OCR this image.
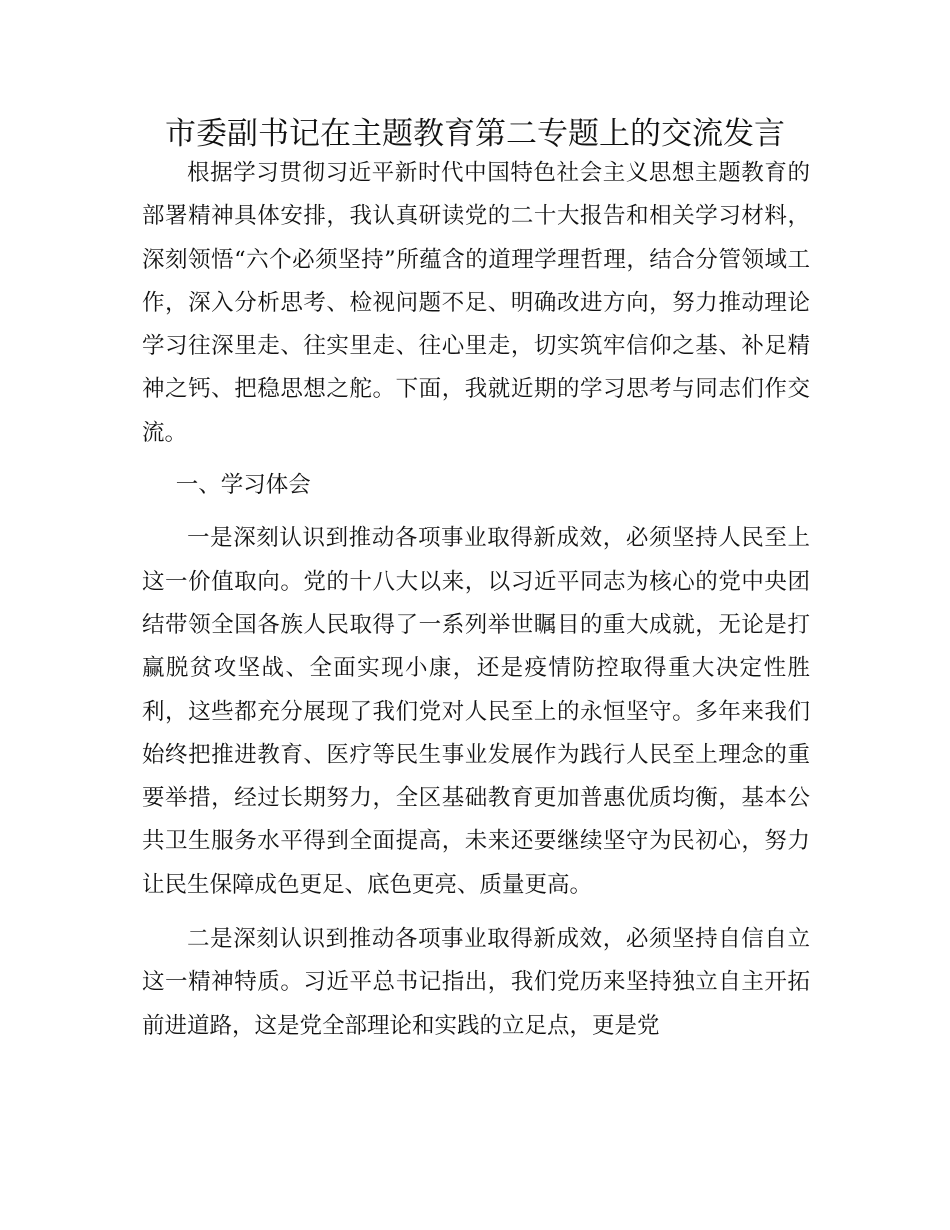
市委副书记在主题教育第二专题上的交流发言

根据学习贯彻习近平新时代中国特色社会主义思想主题教育的部署精神具体安排，我认真研读党的二十大报告和相关学习材料，深刻领悟“六个必须坚持”所蕴含的道理学理哲理，结合分管领域工作，深入分析思考、检视问题不足、明确改进方向，努力推动理论学习往深里走、往实里走、往心里走，切实筑牢信仰之基、补足精神之钙、把稳思想之舵。下面，我就近期的学习思考与同志们作交流。

一、学习体会

一是深刻认识到推动各项事业取得新成效，必须坚持人民至上这一价值取向。党的十八大以来，以习近平同志为核心的党中央团结带领全国各族人民取得了一系列举世瞩目的重大成就，无论是打赢脱贫攻坚战、全面实现小康，还是疫情防控取得重大决定性胜利，这些都充分展现了我们党对人民至上的永恒坚守。多年来我们始终把推进教育、医疗等民生事业发展作为践行人民至上理念的重要举措，经过长期努力，全区基础教育更加普惠优质均衡，基本公共卫生服务水平得到全面提高，未来还要继续坚守为民初心，努力让民生保障成色更足、底色更亮、质量更高。

二是深刻认识到推动各项事业取得新成效，必须坚持自信自立这一精神特质。习近平总书记指出，我们党历来坚持独立自主开拓前进道路，这是党全部理论和实践的立足点，更是党
